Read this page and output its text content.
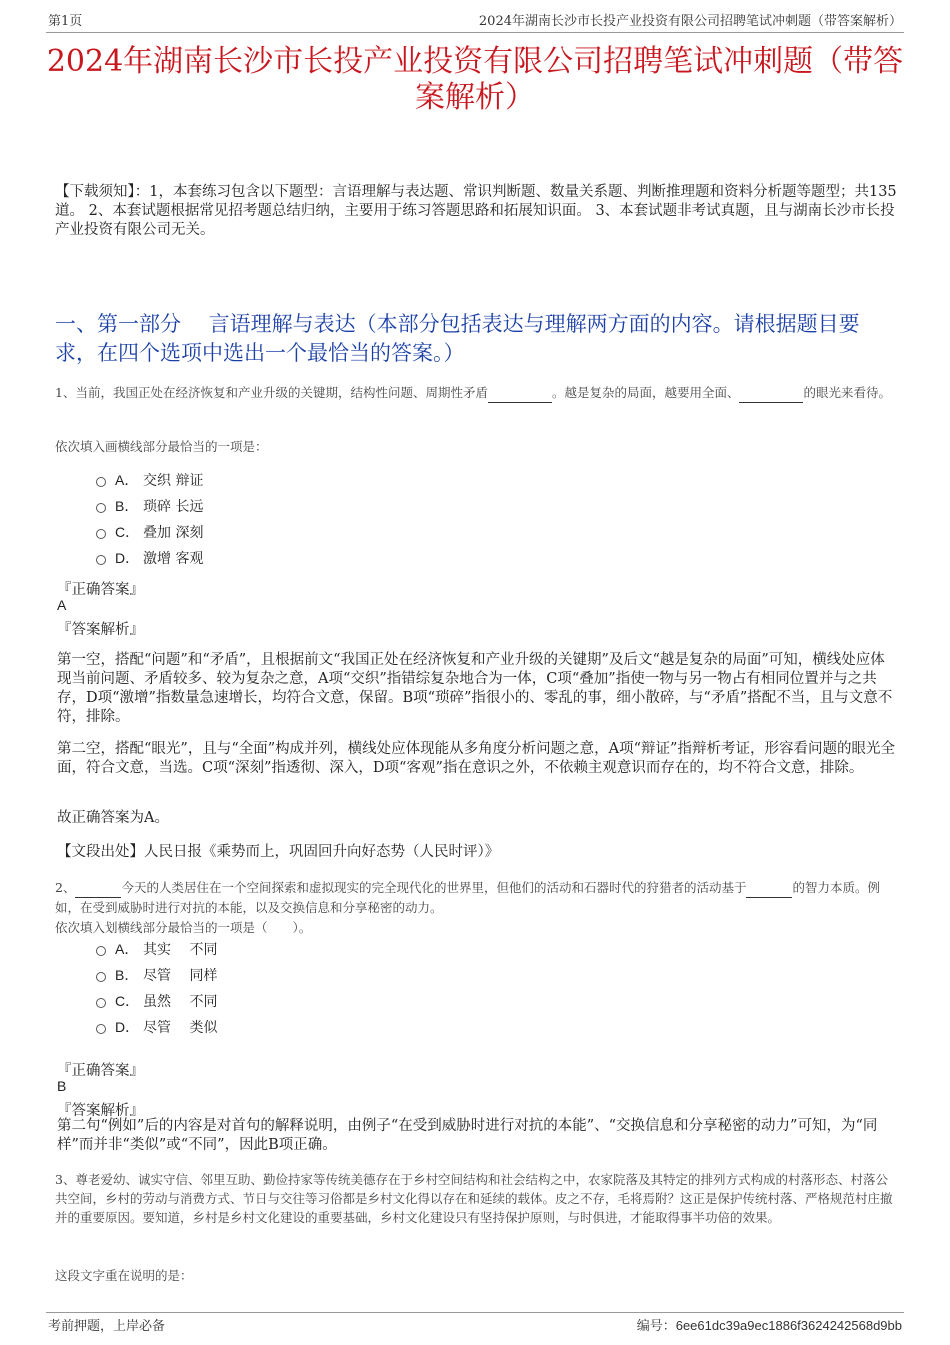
第1页	2024年湖南长沙市长投产业投资有限公司招聘笔试冲刺题（带答案解析）
2024年湖南长沙市长投产业投资有限公司招聘笔试冲刺题（带答案解析）
【下载须知】：1，本套练习包含以下题型：言语理解与表达题、常识判断题、数量关系题、判断推理题和资料分析题等题型；共135道。 2、本套试题根据常见招考题总结归纳，主要用于练习答题思路和拓展知识面。 3、本套试题非考试真题，且与湖南长沙市长投产业投资有限公司无关。
一、第一部分　 言语理解与表达（本部分包括表达与理解两方面的内容。请根据题目要求，在四个选项中选出一个最恰当的答案。）
1、当前，我国正处在经济恢复和产业升级的关键期，结构性问题、周期性矛盾	。越是复杂的局面，越要用全面、	的眼光来看待。
依次填入画横线部分最恰当的一项是：
A． 交织 辩证
B． 琐碎 长远
C． 叠加 深刻
D． 激增 客观
『正确答案』
A
『答案解析』
第一空，搭配“问题”和“矛盾”，且根据前文“我国正处在经济恢复和产业升级的关键期”及后文“越是复杂的局面”可知，横线处应体现当前问题、矛盾较多、较为复杂之意，A项“交织”指错综复杂地合为一体，C项“叠加”指使一物与另一物占有相同位置并与之共存，D项“激增”指数量急速增长，均符合文意，保留。B项“琐碎”指很小的、零乱的事，细小散碎，与“矛盾”搭配不当，且与文意不符，排除。
第二空，搭配“眼光”，且与“全面”构成并列，横线处应体现能从多角度分析问题之意，A项“辩证”指辩析考证，形容看问题的眼光全面，符合文意，当选。C项“深刻”指透彻、深入，D项“客观”指在意识之外，不依赖主观意识而存在的，均不符合文意，排除。
故正确答案为A。
【文段出处】人民日报《乘势而上，巩固回升向好态势（人民时评）》
2、	今天的人类居住在一个空间探索和虚拟现实的完全现代化的世界里，但他们的活动和石器时代的狩猎者的活动基于	的智力本质。例如，在受到威胁时进行对抗的本能，以及交换信息和分享秘密的动力。
依次填入划横线部分最恰当的一项是（　　）。
A． 其实　 不同
B． 尽管　 同样
C． 虽然　 不同
D． 尽管　 类似
『正确答案』
B
『答案解析』
第二句“例如”后的内容是对首句的解释说明，由例子“在受到威胁时进行对抗的本能”、“交换信息和分享秘密的动力”可知，为“同样”而并非“类似”或“不同”，因此B项正确。
3、尊老爱幼、诚实守信、邻里互助、勤俭持家等传统美德存在于乡村空间结构和社会结构之中，农家院落及其特定的排列方式构成的村落形态、村落公共空间，乡村的劳动与消费方式、节日与交往等习俗都是乡村文化得以存在和延续的载体。皮之不存，毛将焉附？这正是保护传统村落、严格规范村庄撤并的重要原因。要知道，乡村是乡村文化建设的重要基础，乡村文化建设只有坚持保护原则，与时俱进，才能取得事半功倍的效果。
这段文字重在说明的是：
考前押题，上岸必备	编号：6ee61dc39a9ec1886f3624242568d9bb
